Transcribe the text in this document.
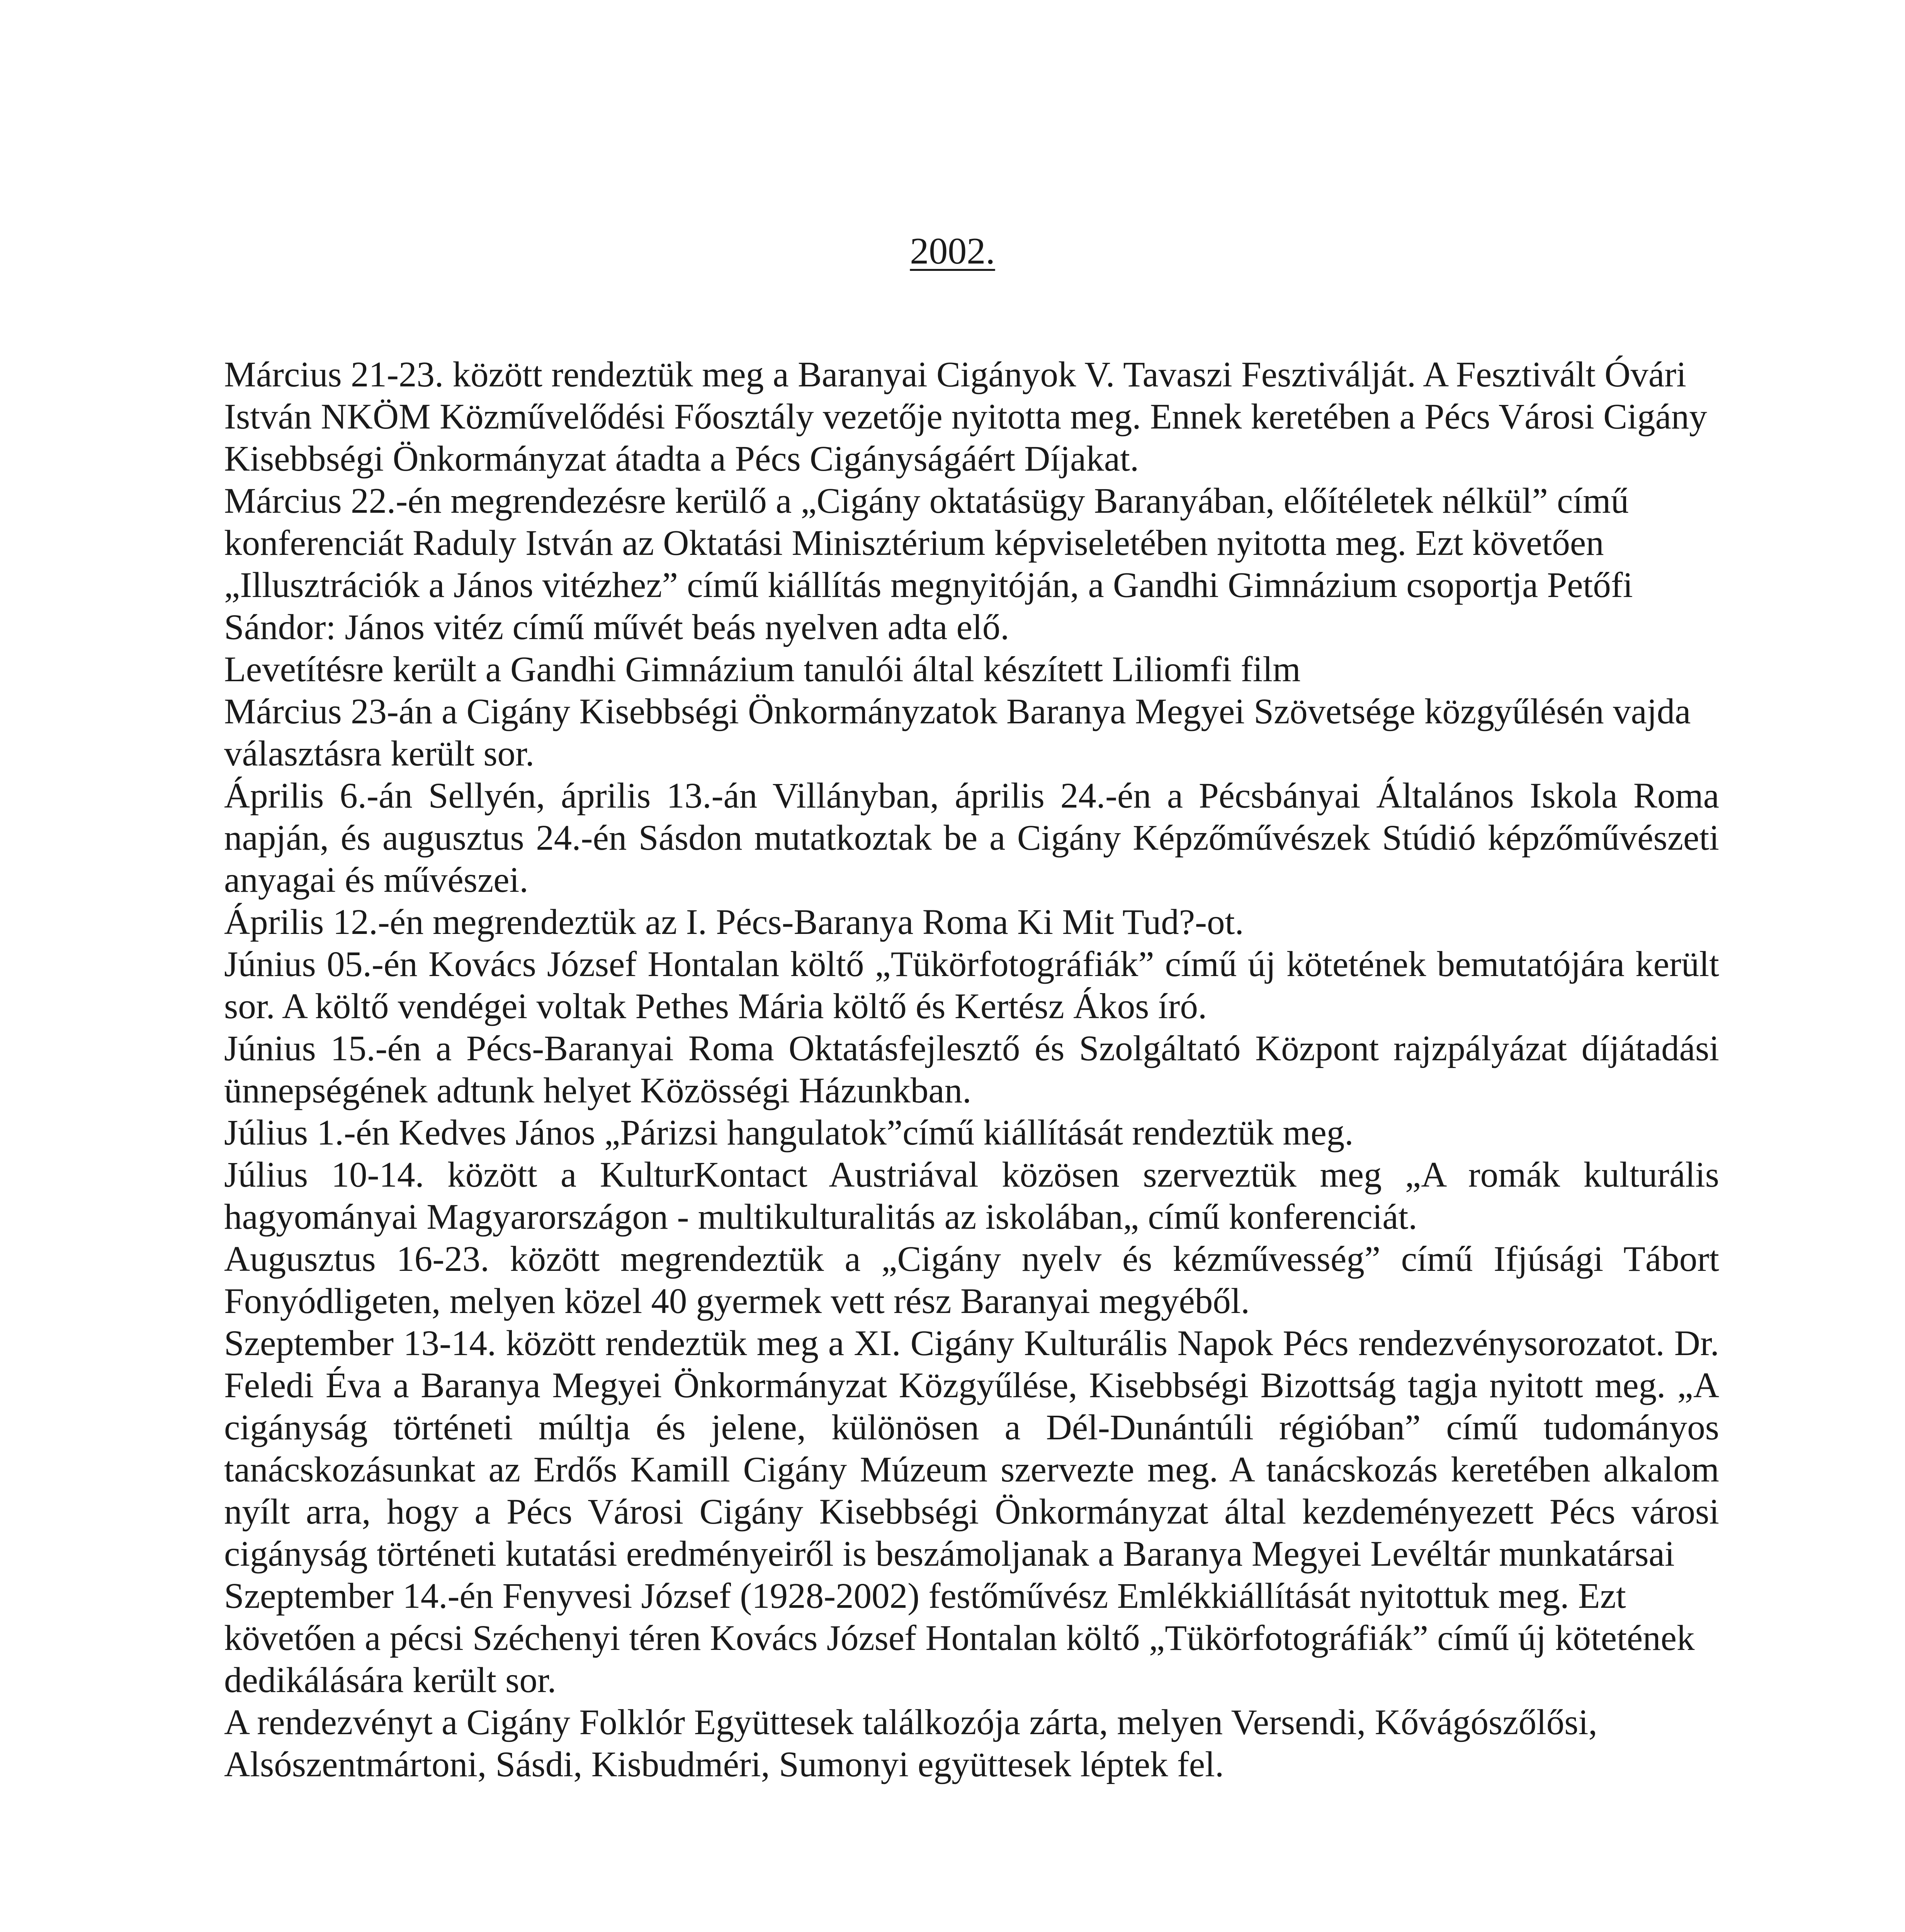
2002.

Március 21-23. között rendeztük meg a Baranyai Cigányok V. Tavaszi Fesztiválját. A Fesztivált Óvári István NKÖM Közművelődési Főosztály vezetője nyitotta meg. Ennek keretében a Pécs Városi Cigány Kisebbségi Önkormányzat átadta a Pécs Cigányságáért Díjakat.

Március 22.-én megrendezésre kerülő a „Cigány oktatásügy Baranyában, előítéletek nélkül” című konferenciát Raduly István az Oktatási Minisztérium képviseletében nyitotta meg. Ezt követően „Illusztrációk a János vitézhez” című kiállítás megnyitóján, a Gandhi Gimnázium csoportja Petőfi Sándor: János vitéz című művét beás nyelven adta elő.

Levetítésre került a Gandhi Gimnázium tanulói által készített Liliomfi film

Március 23-án a Cigány Kisebbségi Önkormányzatok Baranya Megyei Szövetsége közgyűlésén vajda választásra került sor.

Április 6.-án Sellyén, április 13.-án Villányban, április 24.-én a Pécsbányai Általános Iskola Roma napján, és augusztus 24.-én Sásdon mutatkoztak be a Cigány Képzőművészek Stúdió képzőművészeti anyagai és művészei.

Április 12.-én megrendeztük az I. Pécs-Baranya Roma Ki Mit Tud?-ot.

Június 05.-én Kovács József Hontalan költő „Tükörfotográfiák” című új kötetének bemutatójára került sor. A költő vendégei voltak Pethes Mária költő és Kertész Ákos író.

Június 15.-én a Pécs-Baranyai Roma Oktatásfejlesztő és Szolgáltató Központ rajzpályázat díjátadási ünnepségének adtunk helyet Közösségi Házunkban.

Július 1.-én Kedves János „Párizsi hangulatok”című kiállítását rendeztük meg.

Július 10-14. között a KulturKontact Austriával közösen szerveztük meg „A romák kulturális hagyományai Magyarországon - multikulturalitás az iskolában„ című konferenciát.

Augusztus 16-23. között megrendeztük a „Cigány nyelv és kézművesség” című Ifjúsági Tábort Fonyódligeten, melyen közel 40 gyermek vett rész Baranyai megyéből.

Szeptember 13-14. között rendeztük meg a XI. Cigány Kulturális Napok Pécs rendezvénysorozatot. Dr. Feledi Éva a Baranya Megyei Önkormányzat Közgyűlése, Kisebbségi Bizottság tagja nyitott meg. „A cigányság történeti múltja és jelene, különösen a Dél-Dunántúli régióban” című tudományos tanácskozásunkat az Erdős Kamill Cigány Múzeum szervezte meg. A tanácskozás keretében alkalom nyílt arra, hogy a Pécs Városi Cigány Kisebbségi Önkormányzat által kezdeményezett Pécs városi cigányság történeti kutatási eredményeiről is beszámoljanak a Baranya Megyei Levéltár munkatársai

Szeptember 14.-én Fenyvesi József (1928-2002) festőművész Emlékkiállítását nyitottuk meg. Ezt követően a pécsi Széchenyi téren Kovács József Hontalan költő „Tükörfotográfiák” című új kötetének dedikálására került sor.

A rendezvényt a Cigány Folklór Együttesek találkozója zárta, melyen Versendi, Kővágószőlősi, Alsószentmártoni, Sásdi, Kisbudméri, Sumonyi együttesek léptek fel.
